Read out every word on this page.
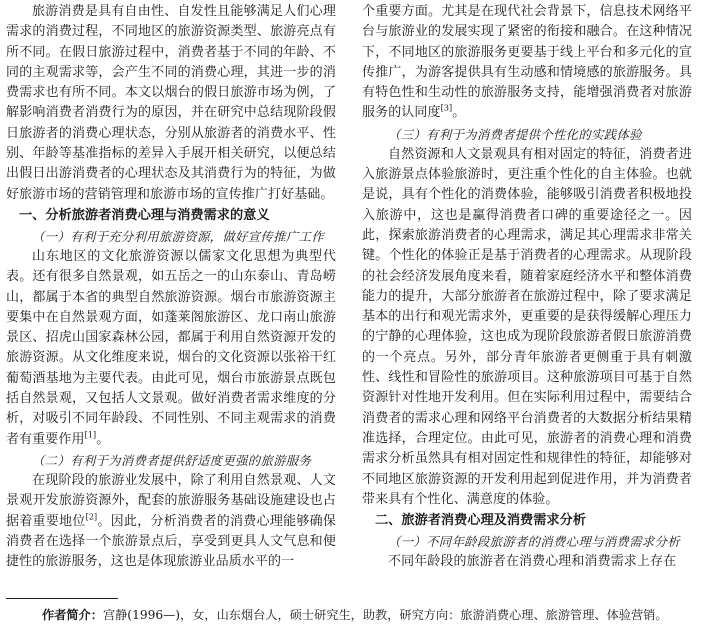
旅游消费是具有自由性、自发性且能够满足人们心理需求的消费过程，不同地区的旅游资源类型、旅游亮点有所不同。在假日旅游过程中，消费者基于不同的年龄、不同的主观需求等，会产生不同的消费心理，其进一步的消费需求也有所不同。本文以烟台的假日旅游市场为例，了解影响消费者消费行为的原因，并在研究中总结现阶段假日旅游者的消费心理状态，分别从旅游者的消费水平、性别、年龄等基准指标的差异入手展开相关研究，以便总结出假日出游消费者的心理状态及其消费行为的特征，为做好旅游市场的营销管理和旅游市场的宣传推广打好基础。

一、分析旅游者消费心理与消费需求的意义
（一）有利于充分利用旅游资源，做好宣传推广工作

山东地区的文化旅游资源以儒家文化思想为典型代表。还有很多自然景观，如五岳之一的山东泰山、青岛崂山，都属于本省的典型自然旅游资源。烟台市旅游资源主要集中在自然景观方面，如蓬莱阁旅游区、龙口南山旅游景区、招虎山国家森林公园，都属于利用自然资源开发的旅游资源。从文化维度来说，烟台的文化资源以张裕干红葡萄酒基地为主要代表。由此可见，烟台市旅游景点既包括自然景观，又包括人文景观。做好消费者需求维度的分析，对吸引不同年龄段、不同性别、不同主观需求的消费者有重要作用[1]。

（二）有利于为消费者提供舒适度更强的旅游服务

在现阶段的旅游业发展中，除了利用自然景观、人文景观开发旅游资源外，配套的旅游服务基础设施建设也占据着重要地位[2]。因此，分析消费者的消费心理能够确保消费者在选择一个旅游景点后，享受到更具人文气息和便捷性的旅游服务，这也是体现旅游业品质水平的一

个重要方面。尤其是在现代社会背景下，信息技术网络平台与旅游业的发展实现了紧密的衔接和融合。在这种情况下，不同地区的旅游服务更要基于线上平台和多元化的宣传推广，为游客提供具有生动感和情境感的旅游服务。具有特色性和生动性的旅游服务支持，能增强消费者对旅游服务的认同度[3]。

（三）有利于为消费者提供个性化的实践体验

自然资源和人文景观具有相对固定的特征，消费者进入旅游景点体验旅游时，更注重个性化的自主体验。也就是说，具有个性化的消费体验，能够吸引消费者积极地投入旅游中，这也是赢得消费者口碑的重要途径之一。因此，探索旅游消费者的心理需求，满足其心理需求非常关键。个性化的体验正是基于消费者的心理需求。从现阶段的社会经济发展角度来看，随着家庭经济水平和整体消费能力的提升，大部分旅游者在旅游过程中，除了要求满足基本的出行和观光需求外，更重要的是获得缓解心理压力的宁静的心理体验，这也成为现阶段旅游者假日旅游消费的一个亮点。另外，部分青年旅游者更侧重于具有刺激性、线性和冒险性的旅游项目。这种旅游项目可基于自然资源针对性地开发利用。但在实际利用过程中，需要结合消费者的需求心理和网络平台消费者的大数据分析结果精准选择，合理定位。由此可见，旅游者的消费心理和消费需求分析虽然具有相对固定性和规律性的特征，却能够对不同地区旅游资源的开发利用起到促进作用，并为消费者带来具有个性化、满意度的体验。

二、旅游者消费心理及消费需求分析
（一）不同年龄段旅游者的消费心理与消费需求分析

不同年龄段的旅游者在消费心理和消费需求上存在

作者简介：宫静(1996—)，女，山东烟台人，硕士研究生，助教，研究方向：旅游消费心理、旅游管理、体验营销。
